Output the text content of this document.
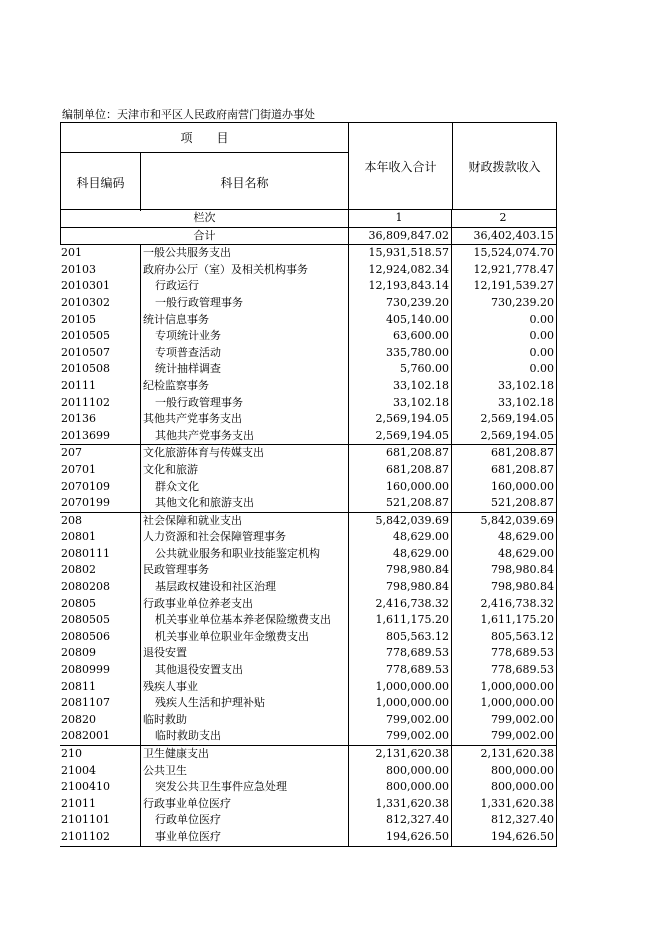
编制单位：天津市和平区人民政府南营门街道办事处
项　　目
科目编码	科目名称
本年收入合计	财政拨款收入
栏次	1	2
合计	36,809,847.02	36,402,403.15
201	一般公共服务支出	15,931,518.57	15,524,074.70
20103	政府办公厅（室）及相关机构事务	12,924,082.34	12,921,778.47
2010301	行政运行	12,193,843.14	12,191,539.27
2010302	一般行政管理事务	730,239.20	730,239.20
20105	统计信息事务	405,140.00	0.00
2010505	专项统计业务	63,600.00	0.00
2010507	专项普查活动	335,780.00	0.00
2010508	统计抽样调查	5,760.00	0.00
20111	纪检监察事务	33,102.18	33,102.18
2011102	一般行政管理事务	33,102.18	33,102.18
20136	其他共产党事务支出	2,569,194.05	2,569,194.05
2013699	其他共产党事务支出	2,569,194.05	2,569,194.05
207	文化旅游体育与传媒支出	681,208.87	681,208.87
20701	文化和旅游	681,208.87	681,208.87
2070109	群众文化	160,000.00	160,000.00
2070199	其他文化和旅游支出	521,208.87	521,208.87
208	社会保障和就业支出	5,842,039.69	5,842,039.69
20801	人力资源和社会保障管理事务	48,629.00	48,629.00
2080111	公共就业服务和职业技能鉴定机构	48,629.00	48,629.00
20802	民政管理事务	798,980.84	798,980.84
2080208	基层政权建设和社区治理	798,980.84	798,980.84
20805	行政事业单位养老支出	2,416,738.32	2,416,738.32
2080505	机关事业单位基本养老保险缴费支出	1,611,175.20	1,611,175.20
2080506	机关事业单位职业年金缴费支出	805,563.12	805,563.12
20809	退役安置	778,689.53	778,689.53
2080999	其他退役安置支出	778,689.53	778,689.53
20811	残疾人事业	1,000,000.00	1,000,000.00
2081107	残疾人生活和护理补贴	1,000,000.00	1,000,000.00
20820	临时救助	799,002.00	799,002.00
2082001	临时救助支出	799,002.00	799,002.00
210	卫生健康支出	2,131,620.38	2,131,620.38
21004	公共卫生	800,000.00	800,000.00
2100410	突发公共卫生事件应急处理	800,000.00	800,000.00
21011	行政事业单位医疗	1,331,620.38	1,331,620.38
2101101	行政单位医疗	812,327.40	812,327.40
2101102	事业单位医疗	194,626.50	194,626.50
